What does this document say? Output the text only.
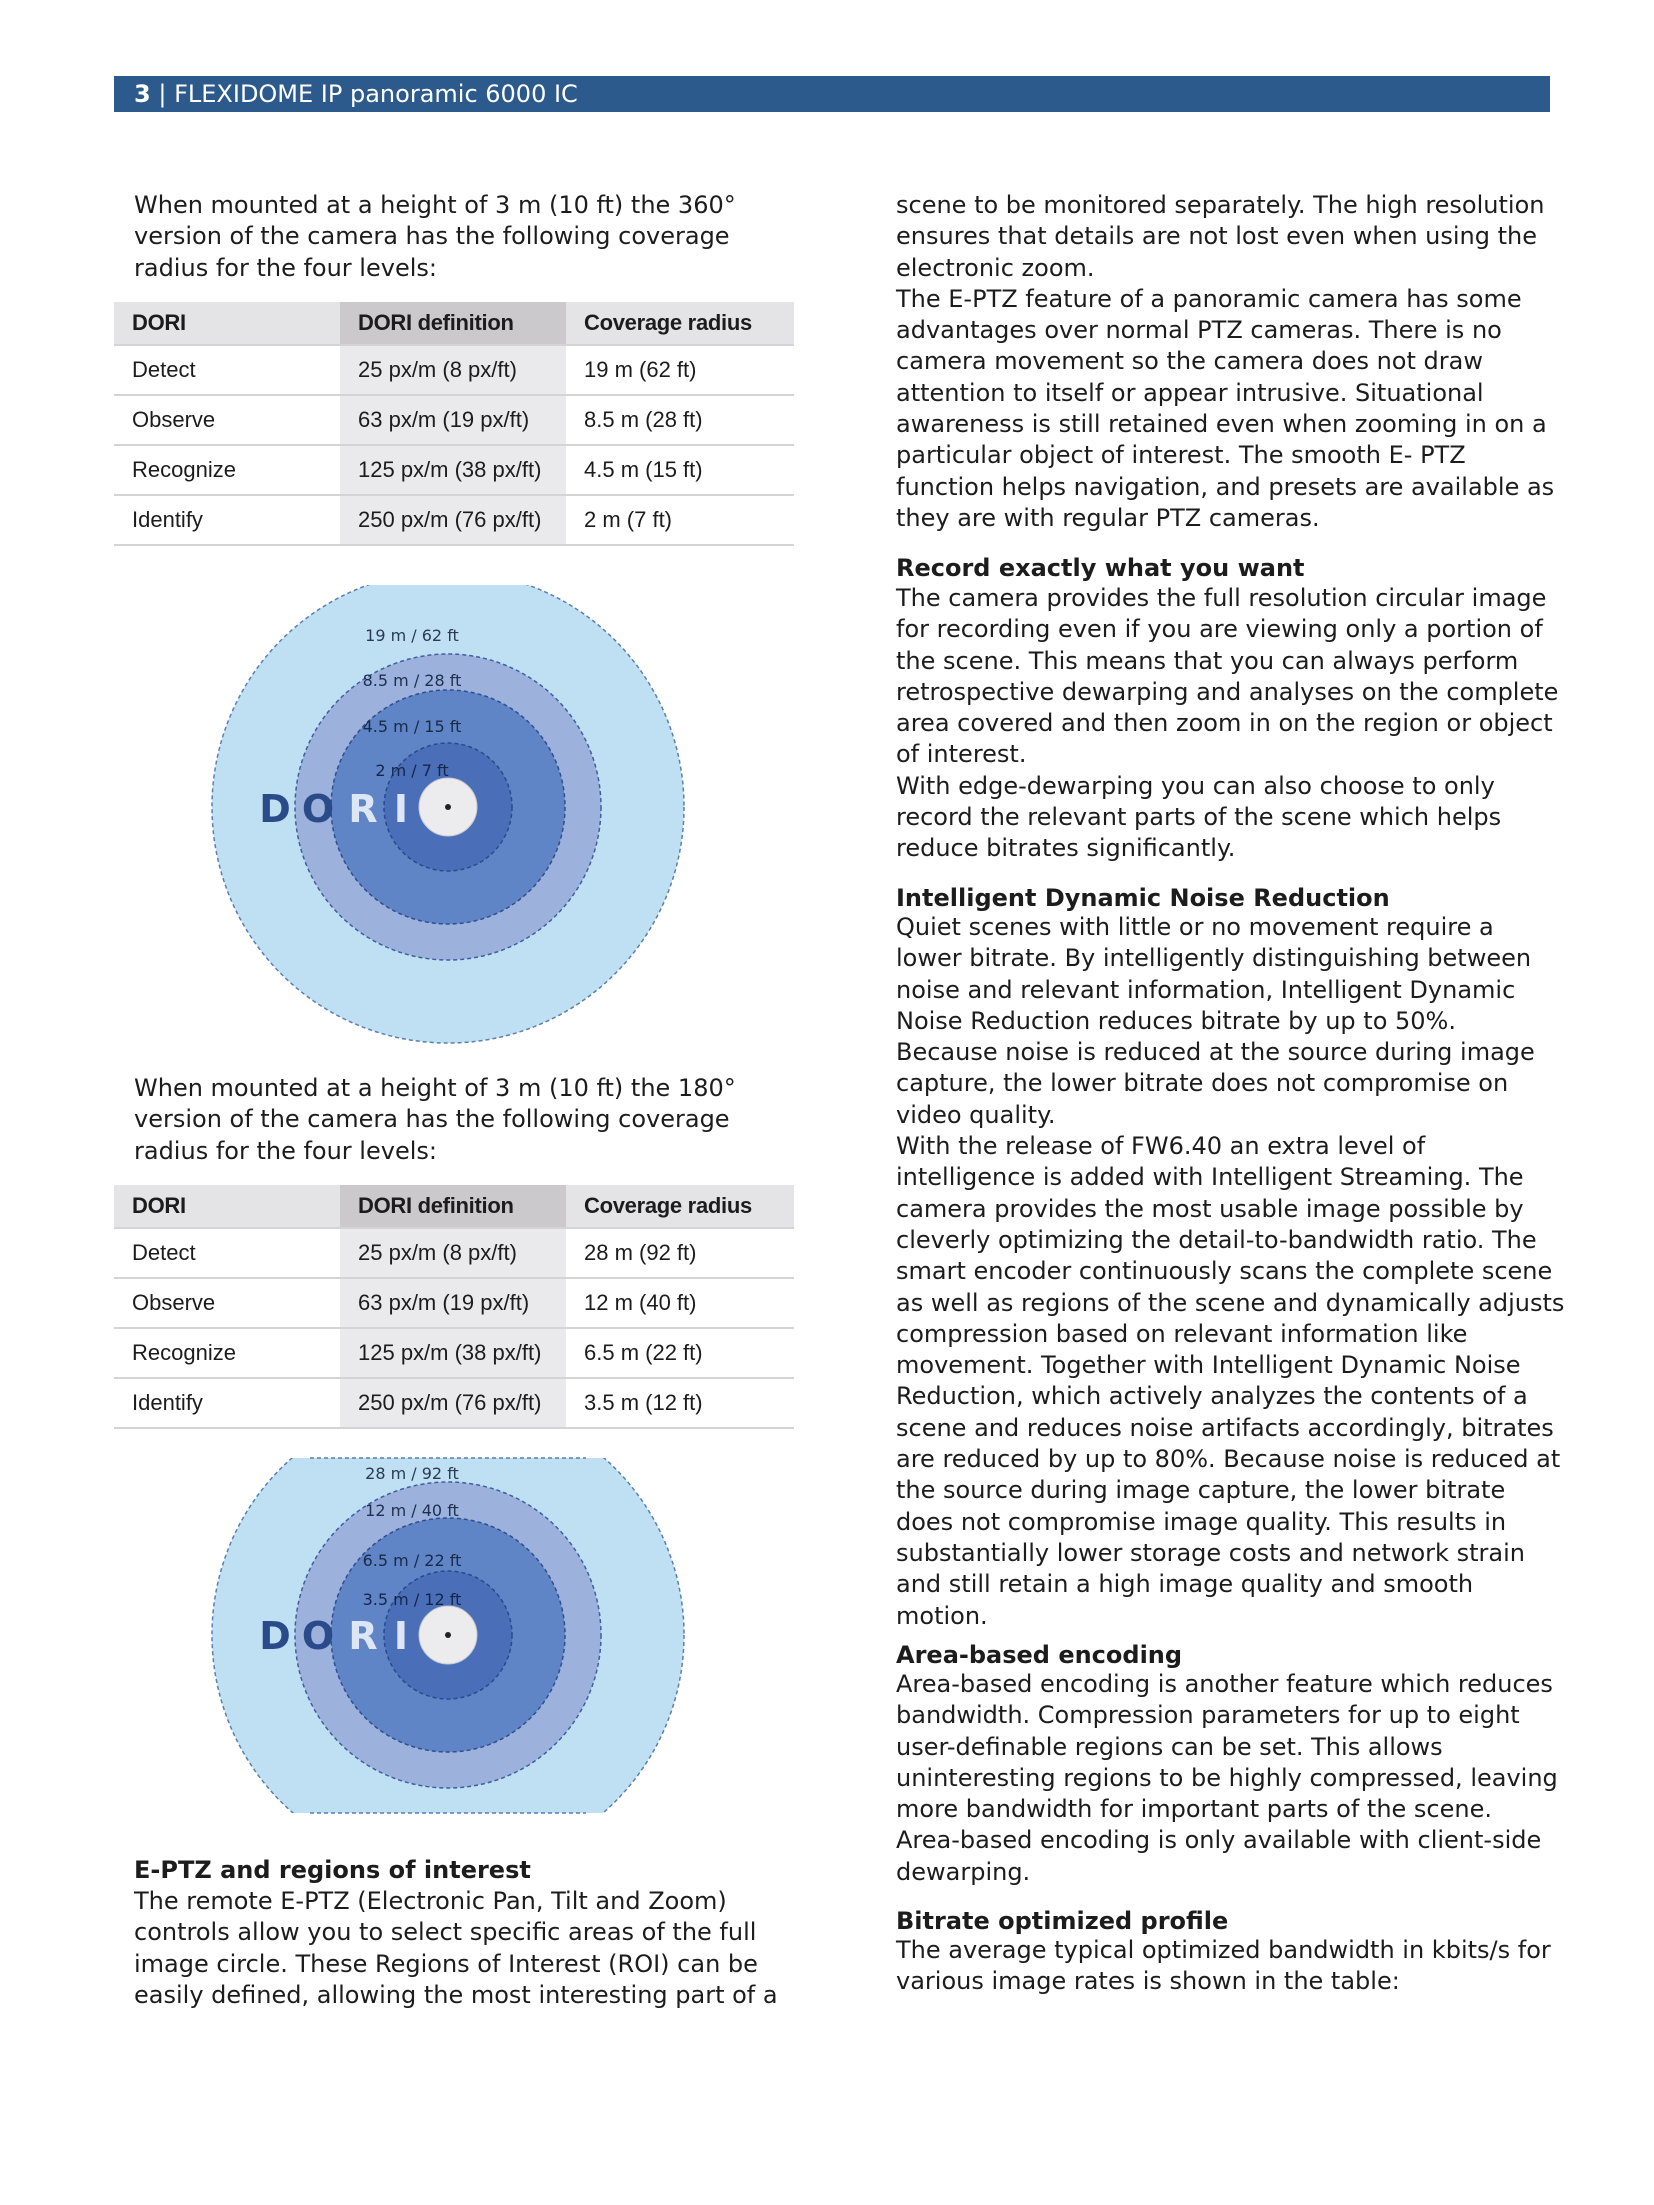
3 | FLEXIDOME IP panoramic 6000 IC

When mounted at a height of 3 m (10 ft) the 360°
version of the camera has the following coverage
radius for the four levels:

DORI	DORI definition	Coverage radius
Detect	25 px/m (8 px/ft)	19 m (62 ft)
Observe	63 px/m (19 px/ft)	8.5 m (28 ft)
Recognize	125 px/m (38 px/ft)	4.5 m (15 ft)
Identify	250 px/m (76 px/ft)	2 m (7 ft)
19 m / 62 ft
8.5 m / 28 ft
4.5 m / 15 ft
2 m / 7 ft
D O R I

When mounted at a height of 3 m (10 ft) the 180°
version of the camera has the following coverage
radius for the four levels:

DORI	DORI definition	Coverage radius
Detect	25 px/m (8 px/ft)	28 m (92 ft)
Observe	63 px/m (19 px/ft)	12 m (40 ft)
Recognize	125 px/m (38 px/ft)	6.5 m (22 ft)
Identify	250 px/m (76 px/ft)	3.5 m (12 ft)
28 m / 92 ft
12 m / 40 ft
6.5 m / 22 ft
3.5 m / 12 ft
D O R I
E-PTZ and regions of interest

The remote E-PTZ (Electronic Pan, Tilt and Zoom)
controls allow you to select specific areas of the full
image circle. These Regions of Interest (ROI) can be
easily defined, allowing the most interesting part of a

scene to be monitored separately. The high resolution
ensures that details are not lost even when using the
electronic zoom.
The E-PTZ feature of a panoramic camera has some
advantages over normal PTZ cameras. There is no
camera movement so the camera does not draw
attention to itself or appear intrusive. Situational
awareness is still retained even when zooming in on a
particular object of interest. The smooth E- PTZ
function helps navigation, and presets are available as
they are with regular PTZ cameras.

Record exactly what you want

The camera provides the full resolution circular image
for recording even if you are viewing only a portion of
the scene. This means that you can always perform
retrospective dewarping and analyses on the complete
area covered and then zoom in on the region or object
of interest.
With edge-dewarping you can also choose to only
record the relevant parts of the scene which helps
reduce bitrates significantly.

Intelligent Dynamic Noise Reduction

Quiet scenes with little or no movement require a
lower bitrate. By intelligently distinguishing between
noise and relevant information, Intelligent Dynamic
Noise Reduction reduces bitrate by up to 50%.
Because noise is reduced at the source during image
capture, the lower bitrate does not compromise on
video quality.
With the release of FW6.40 an extra level of
intelligence is added with Intelligent Streaming. The
camera provides the most usable image possible by
cleverly optimizing the detail-to-bandwidth ratio. The
smart encoder continuously scans the complete scene
as well as regions of the scene and dynamically adjusts
compression based on relevant information like
movement. Together with Intelligent Dynamic Noise
Reduction, which actively analyzes the contents of a
scene and reduces noise artifacts accordingly, bitrates
are reduced by up to 80%. Because noise is reduced at
the source during image capture, the lower bitrate
does not compromise image quality. This results in
substantially lower storage costs and network strain
and still retain a high image quality and smooth
motion.

Area-based encoding

Area-based encoding is another feature which reduces
bandwidth. Compression parameters for up to eight
user-definable regions can be set. This allows
uninteresting regions to be highly compressed, leaving
more bandwidth for important parts of the scene.
Area-based encoding is only available with client-side
dewarping.

Bitrate optimized profile

The average typical optimized bandwidth in kbits/s for
various image rates is shown in the table:
